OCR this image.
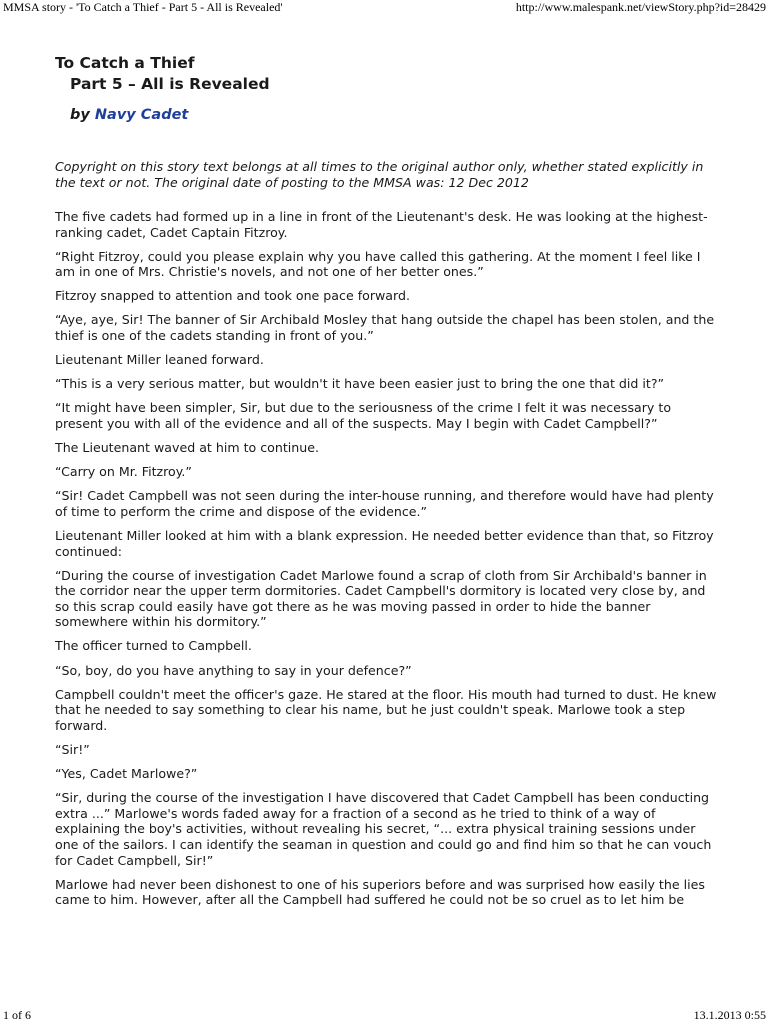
MMSA story - 'To Catch a Thief - Part 5 - All is Revealed'	http://www.malespank.net/viewStory.php?id=28429
To Catch a Thief
Part 5 – All is Revealed
by Navy Cadet

Copyright on this story text belongs at all times to the original author only, whether stated explicitly in the text or not. The original date of posting to the MMSA was: 12 Dec 2012

The five cadets had formed up in a line in front of the Lieutenant's desk. He was looking at the highest-ranking cadet, Cadet Captain Fitzroy.

“Right Fitzroy, could you please explain why you have called this gathering. At the moment I feel like I am in one of Mrs. Christie's novels, and not one of her better ones.”

Fitzroy snapped to attention and took one pace forward.

“Aye, aye, Sir! The banner of Sir Archibald Mosley that hang outside the chapel has been stolen, and the thief is one of the cadets standing in front of you.”

Lieutenant Miller leaned forward.

“This is a very serious matter, but wouldn't it have been easier just to bring the one that did it?”

“It might have been simpler, Sir, but due to the seriousness of the crime I felt it was necessary to present you with all of the evidence and all of the suspects. May I begin with Cadet Campbell?”

The Lieutenant waved at him to continue.

“Carry on Mr. Fitzroy.”

“Sir! Cadet Campbell was not seen during the inter-house running, and therefore would have had plenty of time to perform the crime and dispose of the evidence.”

Lieutenant Miller looked at him with a blank expression. He needed better evidence than that, so Fitzroy continued:

“During the course of investigation Cadet Marlowe found a scrap of cloth from Sir Archibald's banner in the corridor near the upper term dormitories. Cadet Campbell's dormitory is located very close by, and so this scrap could easily have got there as he was moving passed in order to hide the banner somewhere within his dormitory.”

The officer turned to Campbell.

“So, boy, do you have anything to say in your defence?”

Campbell couldn't meet the officer's gaze. He stared at the floor. His mouth had turned to dust. He knew that he needed to say something to clear his name, but he just couldn't speak. Marlowe took a step forward.

“Sir!”

“Yes, Cadet Marlowe?”

“Sir, during the course of the investigation I have discovered that Cadet Campbell has been conducting extra ...” Marlowe's words faded away for a fraction of a second as he tried to think of a way of explaining the boy's activities, without revealing his secret, “... extra physical training sessions under one of the sailors. I can identify the seaman in question and could go and find him so that he can vouch for Cadet Campbell, Sir!”

Marlowe had never been dishonest to one of his superiors before and was surprised how easily the lies came to him. However, after all the Campbell had suffered he could not be so cruel as to let him be

1 of 6	13.1.2013 0:55
